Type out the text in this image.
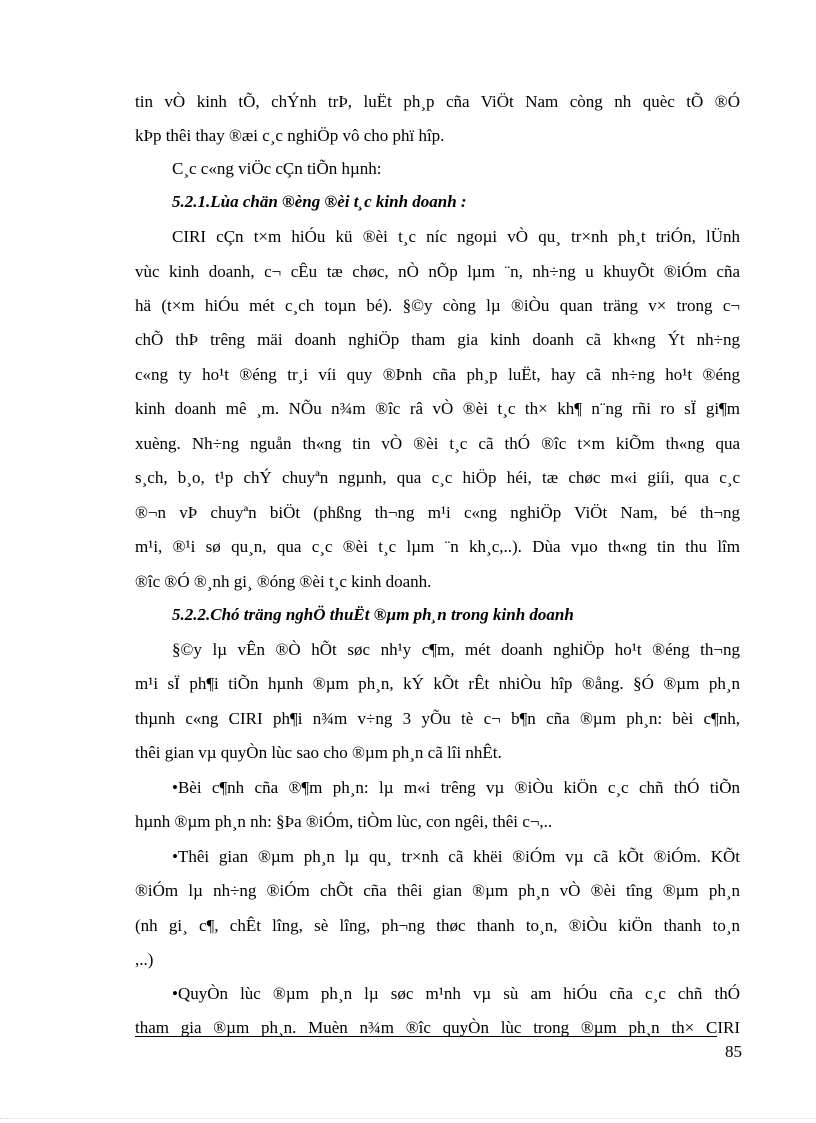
tin vÒ kinh tÕ, chÝnh trÞ, luËt ph¸p cña ViÖt Nam còng nh quèc tÕ ®Ó
kÞp thêi thay ®æi c¸c nghiÖp vô cho phï hîp.
C¸c c«ng viÖc cÇn tiÕn hµnh:
5.2.1.Lùa chän ®èng ®èi t¸c kinh doanh :
CIRI cÇn t×m hiÓu kü ®èi t¸c níc ngoµi vÒ qu¸ tr×nh ph¸t triÓn, lÜnh
vùc kinh doanh, c¬ cÊu tæ chøc, nÒ nÕp lµm ¨n, nh÷ng u khuyÕt ®iÓm cña
hä (t×m hiÓu mét c¸ch toµn bé). §©y còng lµ ®iÒu quan träng v× trong c¬
chÕ thÞ trêng mäi doanh nghiÖp tham gia kinh doanh cã kh«ng Ýt nh÷ng
c«ng ty ho¹t ®éng tr¸i víi quy ®Þnh cña ph¸p luËt, hay cã nh÷ng ho¹t ®éng
kinh doanh mê ¸m. NÕu n¾m ®îc râ vÒ ®èi t¸c th× kh¶ n¨ng rñi ro sÏ gi¶m
xuèng. Nh÷ng nguån th«ng tin vÒ ®èi t¸c cã thÓ ®îc t×m kiÕm th«ng qua
s¸ch, b¸o, t¹p chÝ chuyªn ngµnh, qua c¸c hiÖp héi, tæ chøc m«i giíi, qua c¸c
®¬n vÞ chuyªn biÖt (phßng th¬ng m¹i c«ng nghiÖp ViÖt Nam, bé th¬ng
m¹i, ®¹i sø qu¸n, qua c¸c ®èi t¸c lµm ¨n kh¸c,..). Dùa vµo th«ng tin thu lîm
®îc ®Ó ®¸nh gi¸ ®óng ®èi t¸c kinh doanh.
5.2.2.Chó träng nghÖ thuËt ®µm ph¸n trong kinh doanh
§©y lµ vÊn ®Ò hÕt søc nh¹y c¶m, mét doanh nghiÖp ho¹t ®éng th¬ng
m¹i sÏ ph¶i tiÕn hµnh ®µm ph¸n, kÝ kÕt rÊt nhiÒu hîp ®ång. §Ó ®µm ph¸n
thµnh c«ng CIRI ph¶i n¾m v÷ng 3 yÕu tè c¬ b¶n cña ®µm ph¸n: bèi c¶nh,
thêi gian vµ quyÒn lùc sao cho ®µm ph¸n cã lîi nhÊt.
•Bèi c¶nh cña ®¶m ph¸n: lµ m«i trêng vµ ®iÒu kiÖn c¸c chñ thÓ tiÕn
hµnh ®µm ph¸n nh: §Þa ®iÓm, tiÒm lùc, con ngêi, thêi c¬,..
•Thêi gian ®µm ph¸n lµ qu¸ tr×nh cã khëi ®iÓm vµ cã kÕt ®iÓm. KÕt
®iÓm lµ nh÷ng ®iÓm chÕt cña thêi gian ®µm ph¸n vÒ ®èi tîng ®µm ph¸n
(nh gi¸ c¶, chÊt lîng, sè lîng, ph¬ng thøc thanh to¸n, ®iÒu kiÖn thanh to¸n
,..)
•QuyÒn lùc ®µm ph¸n lµ søc m¹nh vµ sù am hiÓu cña c¸c chñ thÓ
tham gia ®µm ph¸n. Muèn n¾m ®îc quyÒn lùc trong ®µm ph¸n th× CIRI
85
